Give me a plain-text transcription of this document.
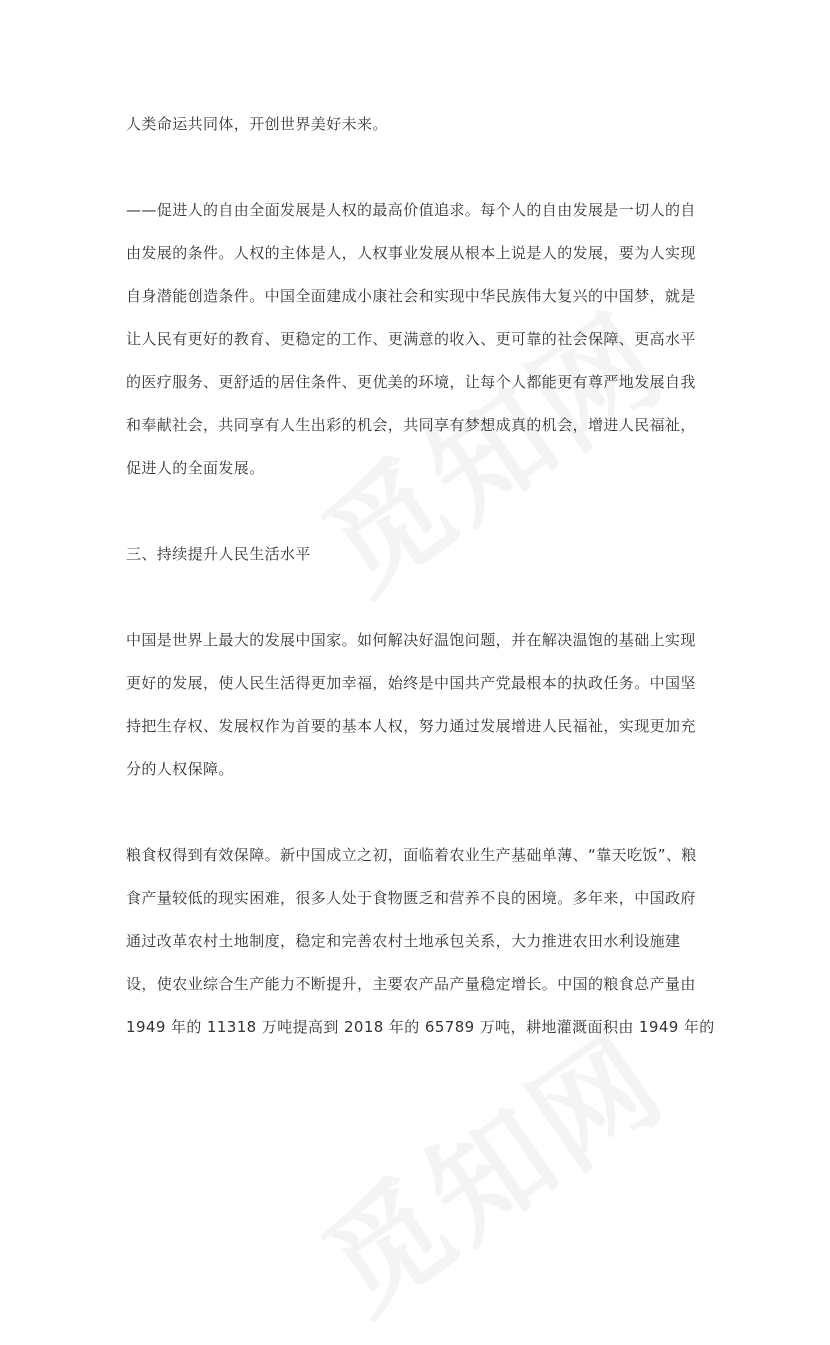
人类命运共同体，开创世界美好未来。
——促进人的自由全面发展是人权的最高价值追求。每个人的自由发展是一切人的自
由发展的条件。人权的主体是人，人权事业发展从根本上说是人的发展，要为人实现
自身潜能创造条件。中国全面建成小康社会和实现中华民族伟大复兴的中国梦，就是
让人民有更好的教育、更稳定的工作、更满意的收入、更可靠的社会保障、更高水平
的医疗服务、更舒适的居住条件、更优美的环境，让每个人都能更有尊严地发展自我
和奉献社会，共同享有人生出彩的机会，共同享有梦想成真的机会，增进人民福祉，
促进人的全面发展。
三、持续提升人民生活水平
中国是世界上最大的发展中国家。如何解决好温饱问题，并在解决温饱的基础上实现
更好的发展，使人民生活得更加幸福，始终是中国共产党最根本的执政任务。中国坚
持把生存权、发展权作为首要的基本人权，努力通过发展增进人民福祉，实现更加充
分的人权保障。
粮食权得到有效保障。新中国成立之初，面临着农业生产基础单薄、“靠天吃饭”、粮
食产量较低的现实困难，很多人处于食物匮乏和营养不良的困境。多年来，中国政府
通过改革农村土地制度，稳定和完善农村土地承包关系，大力推进农田水利设施建
设，使农业综合生产能力不断提升，主要农产品产量稳定增长。中国的粮食总产量由
1949 年的 11318 万吨提高到 2018 年的 65789 万吨，耕地灌溉面积由 1949 年的
